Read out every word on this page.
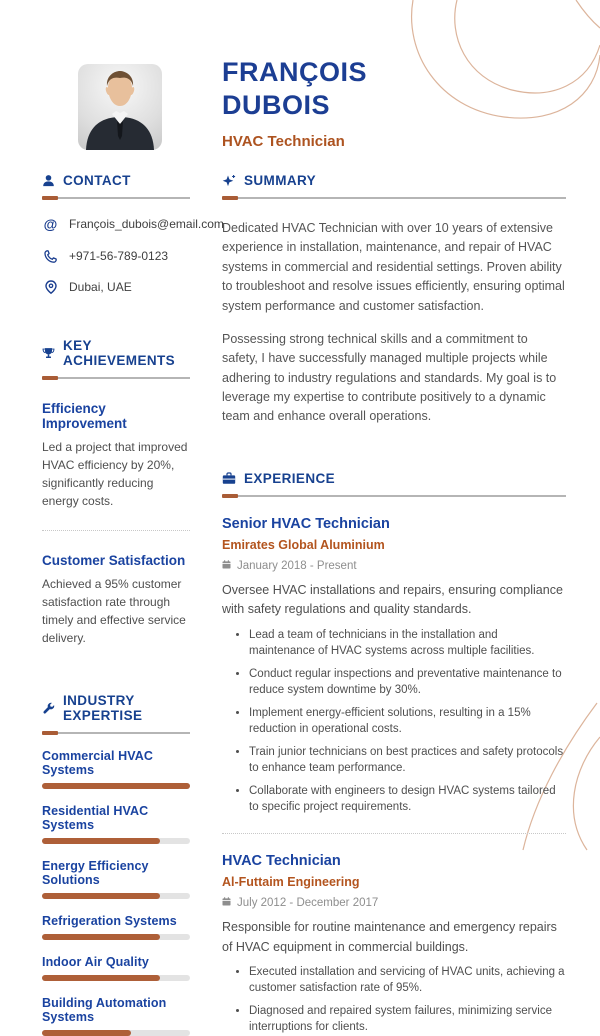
FRANÇOIS
DUBOIS
HVAC Technician
CONTACT
@ François_dubois@email.com
+971-56-789-0123
Dubai, UAE
KEY ACHIEVEMENTS
Efficiency Improvement
Led a project that improved HVAC efficiency by 20%, significantly reducing energy costs.
Customer Satisfaction
Achieved a 95% customer satisfaction rate through timely and effective service delivery.
INDUSTRY EXPERTISE
Commercial HVAC Systems
Residential HVAC Systems
Energy Efficiency Solutions
Refrigeration Systems
Indoor Air Quality
Building Automation Systems
SUMMARY

Dedicated HVAC Technician with over 10 years of extensive experience in installation, maintenance, and repair of HVAC systems in commercial and residential settings. Proven ability to troubleshoot and resolve issues efficiently, ensuring optimal system performance and customer satisfaction.

Possessing strong technical skills and a commitment to safety, I have successfully managed multiple projects while adhering to industry regulations and standards. My goal is to leverage my expertise to contribute positively to a dynamic team and enhance overall operations.

EXPERIENCE
Senior HVAC Technician
Emirates Global Aluminium
January 2018 - Present
Oversee HVAC installations and repairs, ensuring compliance with safety regulations and quality standards.
• Lead a team of technicians in the installation and maintenance of HVAC systems across multiple facilities.
• Conduct regular inspections and preventative maintenance to reduce system downtime by 30%.
• Implement energy-efficient solutions, resulting in a 15% reduction in operational costs.
• Train junior technicians on best practices and safety protocols to enhance team performance.
• Collaborate with engineers to design HVAC systems tailored to specific project requirements.
HVAC Technician
Al-Futtaim Engineering
July 2012 - December 2017
Responsible for routine maintenance and emergency repairs of HVAC equipment in commercial buildings.
• Executed installation and servicing of HVAC units, achieving a customer satisfaction rate of 95%.
• Diagnosed and repaired system failures, minimizing service interruptions for clients.
